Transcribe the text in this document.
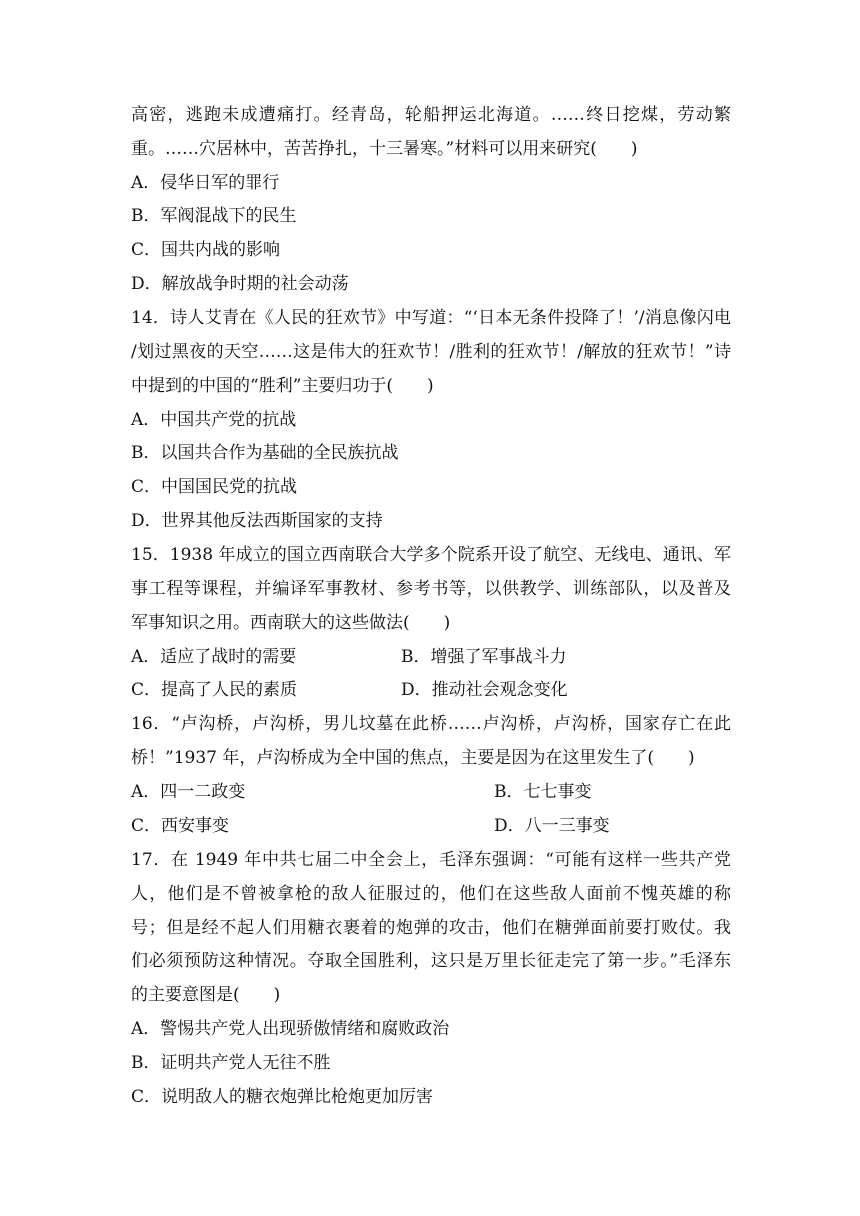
高密，逃跑未成遭痛打。经青岛，轮船押运北海道。……终日挖煤，劳动繁

重。……穴居林中，苦苦挣扎，十三暑寒。”材料可以用来研究(　　)

A．侵华日军的罪行

B．军阀混战下的民生

C．国共内战的影响

D．解放战争时期的社会动荡

14．诗人艾青在《人民的狂欢节》中写道：“‘日本无条件投降了！’/消息像闪电

/划过黑夜的天空……这是伟大的狂欢节！/胜利的狂欢节！/解放的狂欢节！”诗

中提到的中国的“胜利”主要归功于(　　)

A．中国共产党的抗战

B．以国共合作为基础的全民族抗战

C．中国国民党的抗战

D．世界其他反法西斯国家的支持

15．1938 年成立的国立西南联合大学多个院系开设了航空、无线电、通讯、军

事工程等课程，并编译军事教材、参考书等，以供教学、训练部队，以及普及

军事知识之用。西南联大的这些做法(　　)

A．适应了战时的需要	B．增强了军事战斗力

C．提高了人民的素质	D．推动社会观念变化

16．“卢沟桥，卢沟桥，男儿坟墓在此桥……卢沟桥，卢沟桥，国家存亡在此

桥！”1937 年，卢沟桥成为全中国的焦点，主要是因为在这里发生了(　　)

A．四一二政变	B．七七事变

C．西安事变	D．八一三事变

17．在 1949 年中共七届二中全会上，毛泽东强调：“可能有这样一些共产党

人，他们是不曾被拿枪的敌人征服过的，他们在这些敌人面前不愧英雄的称

号；但是经不起人们用糖衣裹着的炮弹的攻击，他们在糖弹面前要打败仗。我

们必须预防这种情况。夺取全国胜利，这只是万里长征走完了第一步。”毛泽东

的主要意图是(　　)

A．警惕共产党人出现骄傲情绪和腐败政治

B．证明共产党人无往不胜

C．说明敌人的糖衣炮弹比枪炮更加厉害
